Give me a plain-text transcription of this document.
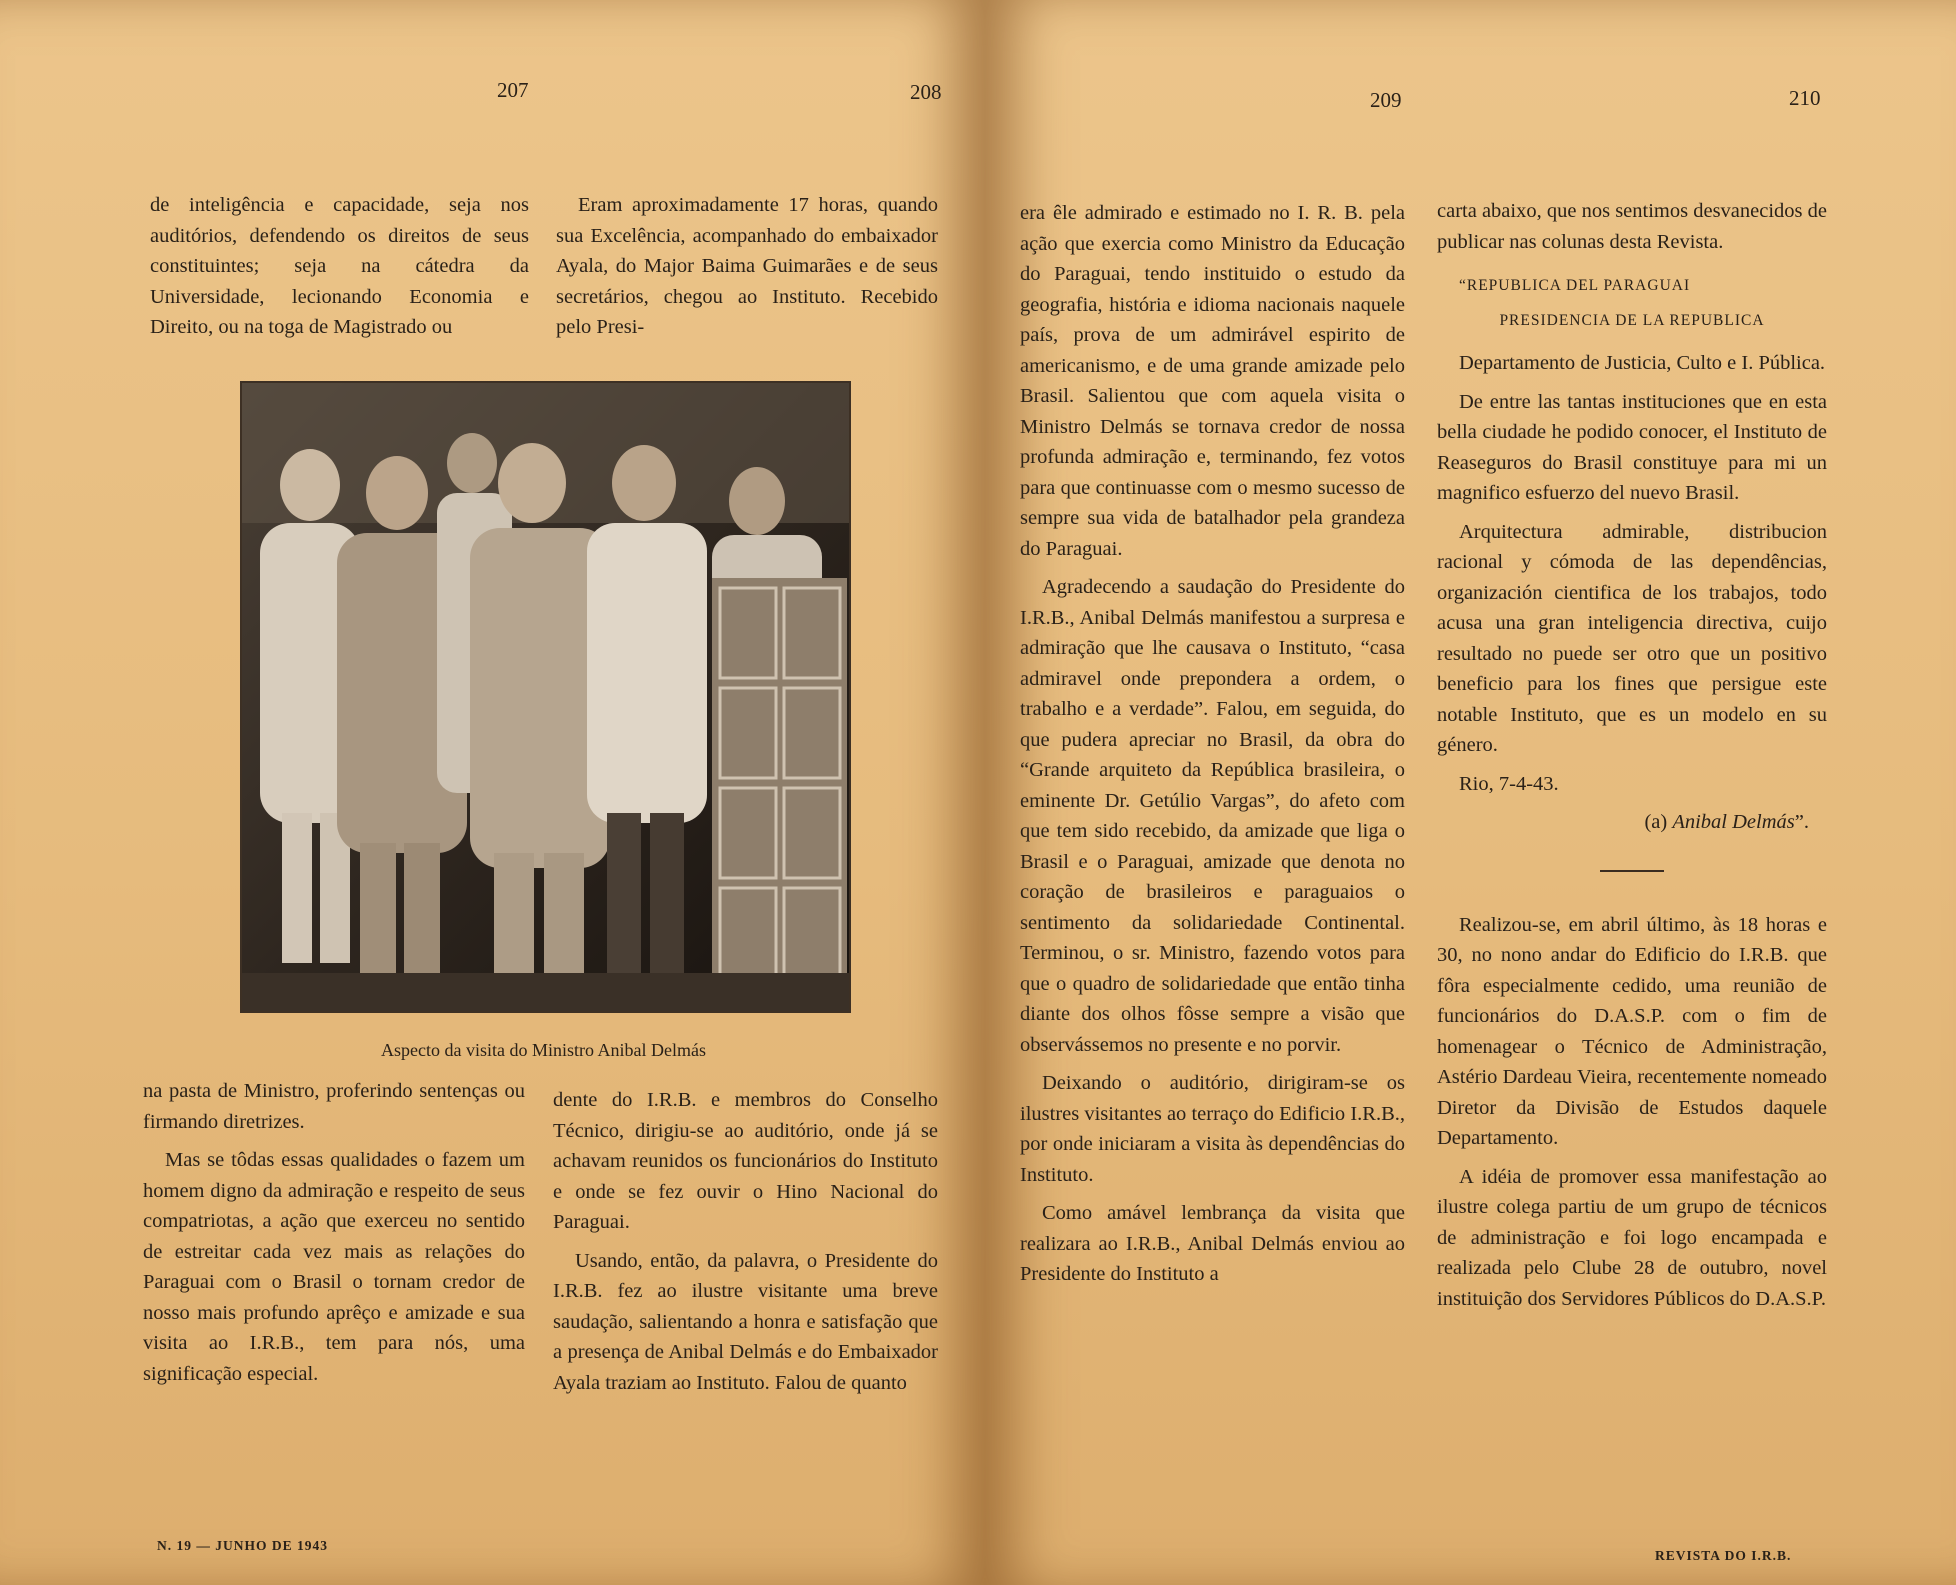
207	208

de inteligência e capacidade, seja nos auditórios, defendendo os direitos de seus constituintes; seja na cátedra da Universidade, lecionando Economia e Direito, ou na toga de Magistrado ou

Eram aproximadamente 17 horas, quando sua Excelência, acompanhado do embaixador Ayala, do Major Baima Guimarães e de seus secretários, chegou ao Instituto. Recebido pelo Presi-

Aspecto da visita do Ministro Anibal Delmás

na pasta de Ministro, proferindo sentenças ou firmando diretrizes.

Mas se tôdas essas qualidades o fazem um homem digno da admiração e respeito de seus compatriotas, a ação que exerceu no sentido de estreitar cada vez mais as relações do Paraguai com o Brasil o tornam credor de nosso mais profundo aprêço e amizade e sua visita ao I.R.B., tem para nós, uma significação especial.

dente do I.R.B. e membros do Conselho Técnico, dirigiu-se ao auditório, onde já se achavam reunidos os funcionários do Instituto e onde se fez ouvir o Hino Nacional do Paraguai.

Usando, então, da palavra, o Presidente do I.R.B. fez ao ilustre visitante uma breve saudação, salientando a honra e satisfação que a presença de Anibal Delmás e do Embaixador Ayala traziam ao Instituto. Falou de quanto

N. 19 — JUNHO DE 1943
209	210

era êle admirado e estimado no I. R. B. pela ação que exercia como Ministro da Educação do Paraguai, tendo instituido o estudo da geografia, história e idioma nacionais naquele país, prova de um admirável espirito de americanismo, e de uma grande amizade pelo Brasil. Salientou que com aquela visita o Ministro Delmás se tornava credor de nossa profunda admiração e, terminando, fez votos para que continuasse com o mesmo sucesso de sempre sua vida de batalhador pela grandeza do Paraguai.

Agradecendo a saudação do Presidente do I.R.B., Anibal Delmás manifestou a surpresa e admiração que lhe causava o Instituto, “casa admiravel onde prepondera a ordem, o trabalho e a verdade”. Falou, em seguida, do que pudera apreciar no Brasil, da obra do “Grande arquiteto da República brasileira, o eminente Dr. Getúlio Vargas”, do afeto com que tem sido recebido, da amizade que liga o Brasil e o Paraguai, amizade que denota no coração de brasileiros e paraguaios o sentimento da solidariedade Continental. Terminou, o sr. Ministro, fazendo votos para que o quadro de solidariedade que então tinha diante dos olhos fôsse sempre a visão que observássemos no presente e no porvir.

Deixando o auditório, dirigiram-se os ilustres visitantes ao terraço do Edificio I.R.B., por onde iniciaram a visita às dependências do Instituto.

Como amável lembrança da visita que realizara ao I.R.B., Anibal Delmás enviou ao Presidente do Instituto a

carta abaixo, que nos sentimos desvanecidos de publicar nas colunas desta Revista.

“REPUBLICA DEL PARAGUAI

PRESIDENCIA DE LA REPUBLICA

Departamento de Justicia, Culto e I. Pública.

De entre las tantas instituciones que en esta bella ciudade he podido conocer, el Instituto de Reaseguros do Brasil constituye para mi un magnifico esfuerzo del nuevo Brasil.

Arquitectura admirable, distribucion racional y cómoda de las dependências, organización cientifica de los trabajos, todo acusa una gran inteligencia directiva, cuijo resultado no puede ser otro que un positivo beneficio para los fines que persigue este notable Instituto, que es un modelo en su género.

Rio, 7-4-43.

(a) Anibal Delmás”.

Realizou-se, em abril último, às 18 horas e 30, no nono andar do Edificio do I.R.B. que fôra especialmente cedido, uma reunião de funcionários do D.A.S.P. com o fim de homenagear o Técnico de Administração, Astério Dardeau Vieira, recentemente nomeado Diretor da Divisão de Estudos daquele Departamento.

A idéia de promover essa manifestação ao ilustre colega partiu de um grupo de técnicos de administração e foi logo encampada e realizada pelo Clube 28 de outubro, novel instituição dos Servidores Públicos do D.A.S.P.

REVISTA DO I.R.B.
